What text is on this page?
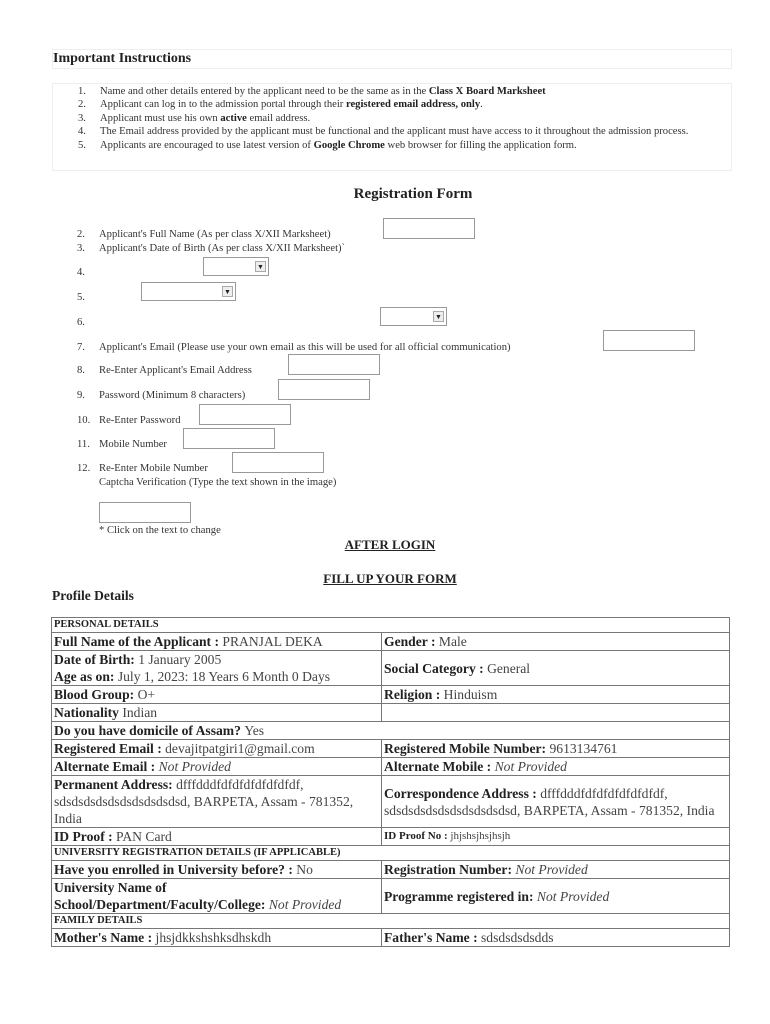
Important Instructions
1.	Name and other details entered by the applicant need to be the same as in the Class X Board Marksheet
2.	Applicant can log in to the admission portal through their registered email address, only.
3.	Applicant must use his own active email address.
4.	The Email address provided by the applicant must be functional and the applicant must have access to it throughout the admission process.
5.	Applicants are encouraged to use latest version of Google Chrome web browser for filling the application form.
Registration Form
2. Applicant's Full Name (As per class X/XII Marksheet)
3. Applicant's Date of Birth (As per class X/XII Marksheet)`
4.	▼
5.	▼
6.	▼
7. Applicant's Email (Please use your own email as this will be used for all official communication)
8. Re-Enter Applicant's Email Address
9. Password (Minimum 8 characters)
10. Re-Enter Password
11. Mobile Number
12. Re-Enter Mobile Number
Captcha Verification (Type the text shown in the image)
* Click on the text to change
AFTER LOGIN
FILL UP YOUR FORM
Profile Details
PERSONAL DETAILS	
Full Name of the Applicant : PRANJAL DEKA	Gender : Male
Date of Birth: 1 January 2005
Age as on: July 1, 2023: 18 Years 6 Month 0 Days	Social Category : General
Blood Group: O+	Religion : Hinduism
Nationality Indian	
Do you have domicile of Assam? Yes	
Registered Email : devajitpatgiri1@gmail.com	Registered Mobile Number: 9613134761
Alternate Email : Not Provided	Alternate Mobile : Not Provided
Permanent Address: dfffdddfdfdfdfdfdfdfdf, sdsdsdsdsdsdsdsdsdsdsd, BARPETA, Assam - 781352, India	Correspondence Address : dfffdddfdfdfdfdfdfdfdf, sdsdsdsdsdsdsdsdsdsdsd, BARPETA, Assam - 781352, India
ID Proof : PAN Card	ID Proof No : jhjshsjhsjhsjh
UNIVERSITY REGISTRATION DETAILS (IF APPLICABLE)	
Have you enrolled in University before? : No	Registration Number: Not Provided
University Name of School/Department/Faculty/College: Not Provided	Programme registered in: Not Provided
FAMILY DETAILS	
Mother's Name : jhsjdkkshshksdhskdh	Father's Name : sdsdsdsdsdds
